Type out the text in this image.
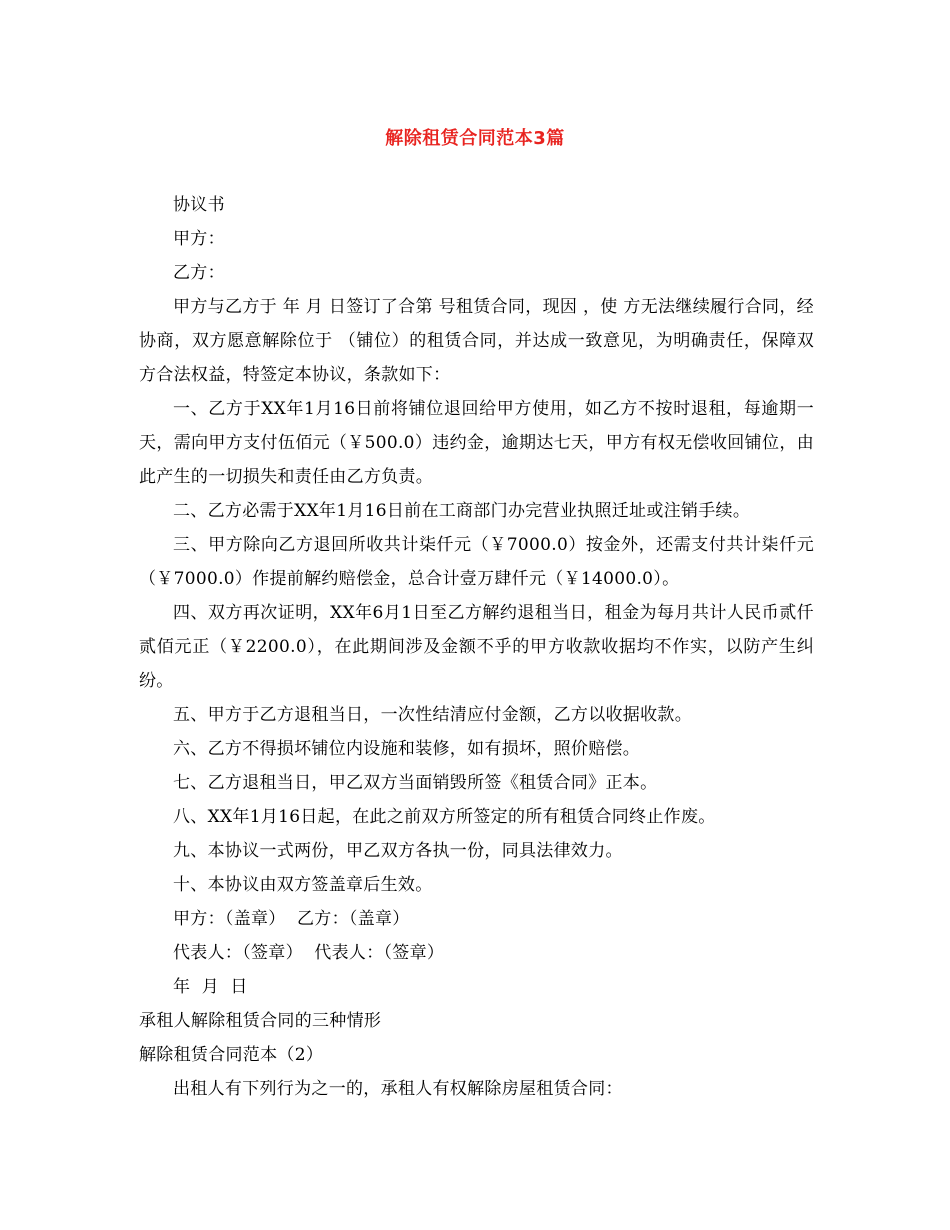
解除租赁合同范本3篇

协议书

甲方：

乙方：

甲方与乙方于 年 月 日签订了合第 号租赁合同，现因 ，使 方无法继续履行合同，经协商，双方愿意解除位于 （铺位）的租赁合同，并达成一致意见，为明确责任，保障双方合法权益，特签定本协议，条款如下：

一、乙方于XX年1月16日前将铺位退回给甲方使用，如乙方不按时退租，每逾期一天，需向甲方支付伍佰元（￥500.0）违约金，逾期达七天，甲方有权无偿收回铺位，由此产生的一切损失和责任由乙方负责。

二、乙方必需于XX年1月16日前在工商部门办完营业执照迁址或注销手续。

三、甲方除向乙方退回所收共计柒仟元（￥7000.0）按金外，还需支付共计柒仟元（￥7000.0）作提前解约赔偿金，总合计壹万肆仟元（￥14000.0）。

四、双方再次证明，XX年6月1日至乙方解约退租当日，租金为每月共计人民币贰仟贰佰元正（￥2200.0），在此期间涉及金额不乎的甲方收款收据均不作实，以防产生纠纷。

五、甲方于乙方退租当日，一次性结清应付金额，乙方以收据收款。

六、乙方不得损坏铺位内设施和装修，如有损坏，照价赔偿。

七、乙方退租当日，甲乙双方当面销毁所签《租赁合同》正本。

八、XX年1月16日起，在此之前双方所签定的所有租赁合同终止作废。

九、本协议一式两份，甲乙双方各执一份，同具法律效力。

十、本协议由双方签盖章后生效。

甲方：（盖章）  乙方：（盖章）

代表人：（签章）  代表人：（签章）

年  月  日

承租人解除租赁合同的三种情形

解除租赁合同范本（2）

出租人有下列行为之一的，承租人有权解除房屋租赁合同：
